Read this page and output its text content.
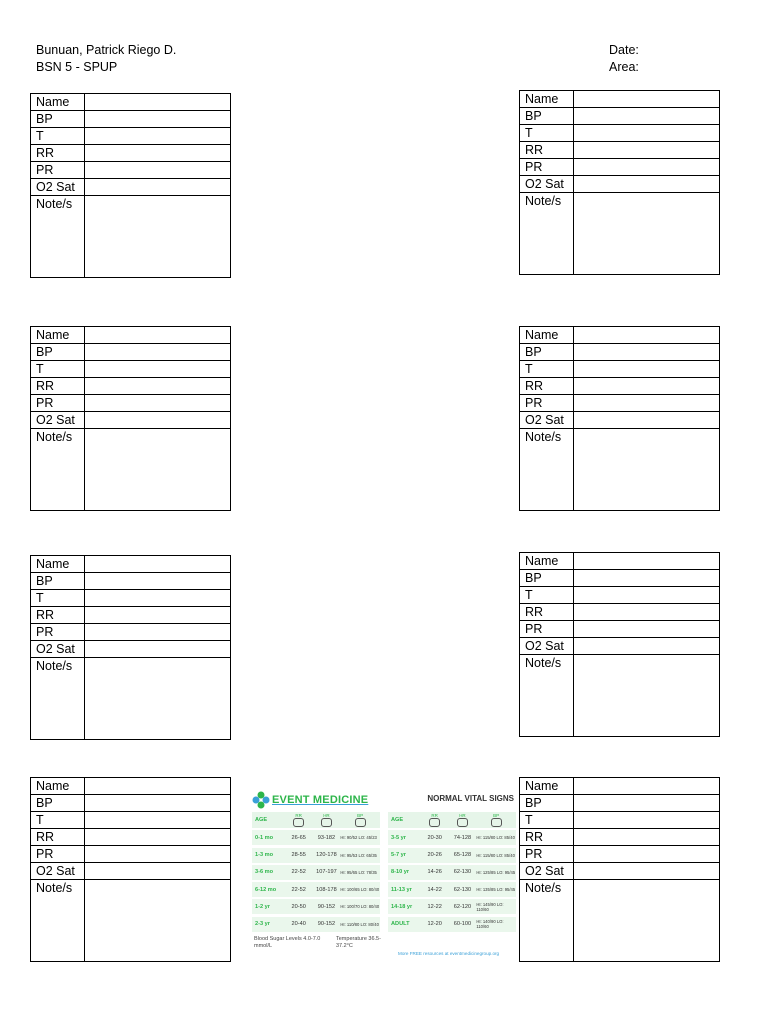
Bunuan, Patrick Riego D.
BSN 5 - SPUP
Date:
Area:
Name	
BP	
T	
RR	
PR	
O2 Sat	
Note/s	
Name	
BP	
T	
RR	
PR	
O2 Sat	
Note/s	
Name	
BP	
T	
RR	
PR	
O2 Sat	
Note/s	
Name	
BP	
T	
RR	
PR	
O2 Sat	
Note/s	
Name	
BP	
T	
RR	
PR	
O2 Sat	
Note/s	
Name	
BP	
T	
RR	
PR	
O2 Sat	
Note/s	
Name	
BP	
T	
RR	
PR	
O2 Sat	
Note/s	
Name	
BP	
T	
RR	
PR	
O2 Sat	
Note/s	
EVENT MEDICINE	NORMAL VITAL SIGNS
AGE
RR	HR	BP
0-1 mo	26-65	93-182	HI: 90/52 LO: 45/23
1-3 mo	28-55	120-178 HI: 95/53 LO: 65/35
3-6 mo	22-52	107-197 HI: 95/65 LO: 78/35
6-12 mo	22-52	108-178 HI: 100/65 LO: 80/40
1-2 yr	20-50	90-152	HI: 100/70 LO: 80/40
2-3 yr	20-40	90-152	HI: 110/80 LO: 80/40
AGE
RR	HR	BP
3-5 yr	20-30	74-128	HI: 115/80 LO: 85/40
5-7 yr	20-26	65-128	HI: 115/80 LO: 85/40
8-10 yr	14-26	62-130	HI: 125/85 LO: 95/45
11-13 yr	14-22	62-130	HI: 135/85 LO: 95/45
14-18 yr	12-22	62-120	HI: 145/90 LO: 110/60
ADULT	12-20	60-100	HI: 140/90 LO: 110/60
Blood Sugar Levels 4.0-7.0 mmol/L
Temperature 36.5-37.2°C
More FREE resources at eventmedicinegroup.org
